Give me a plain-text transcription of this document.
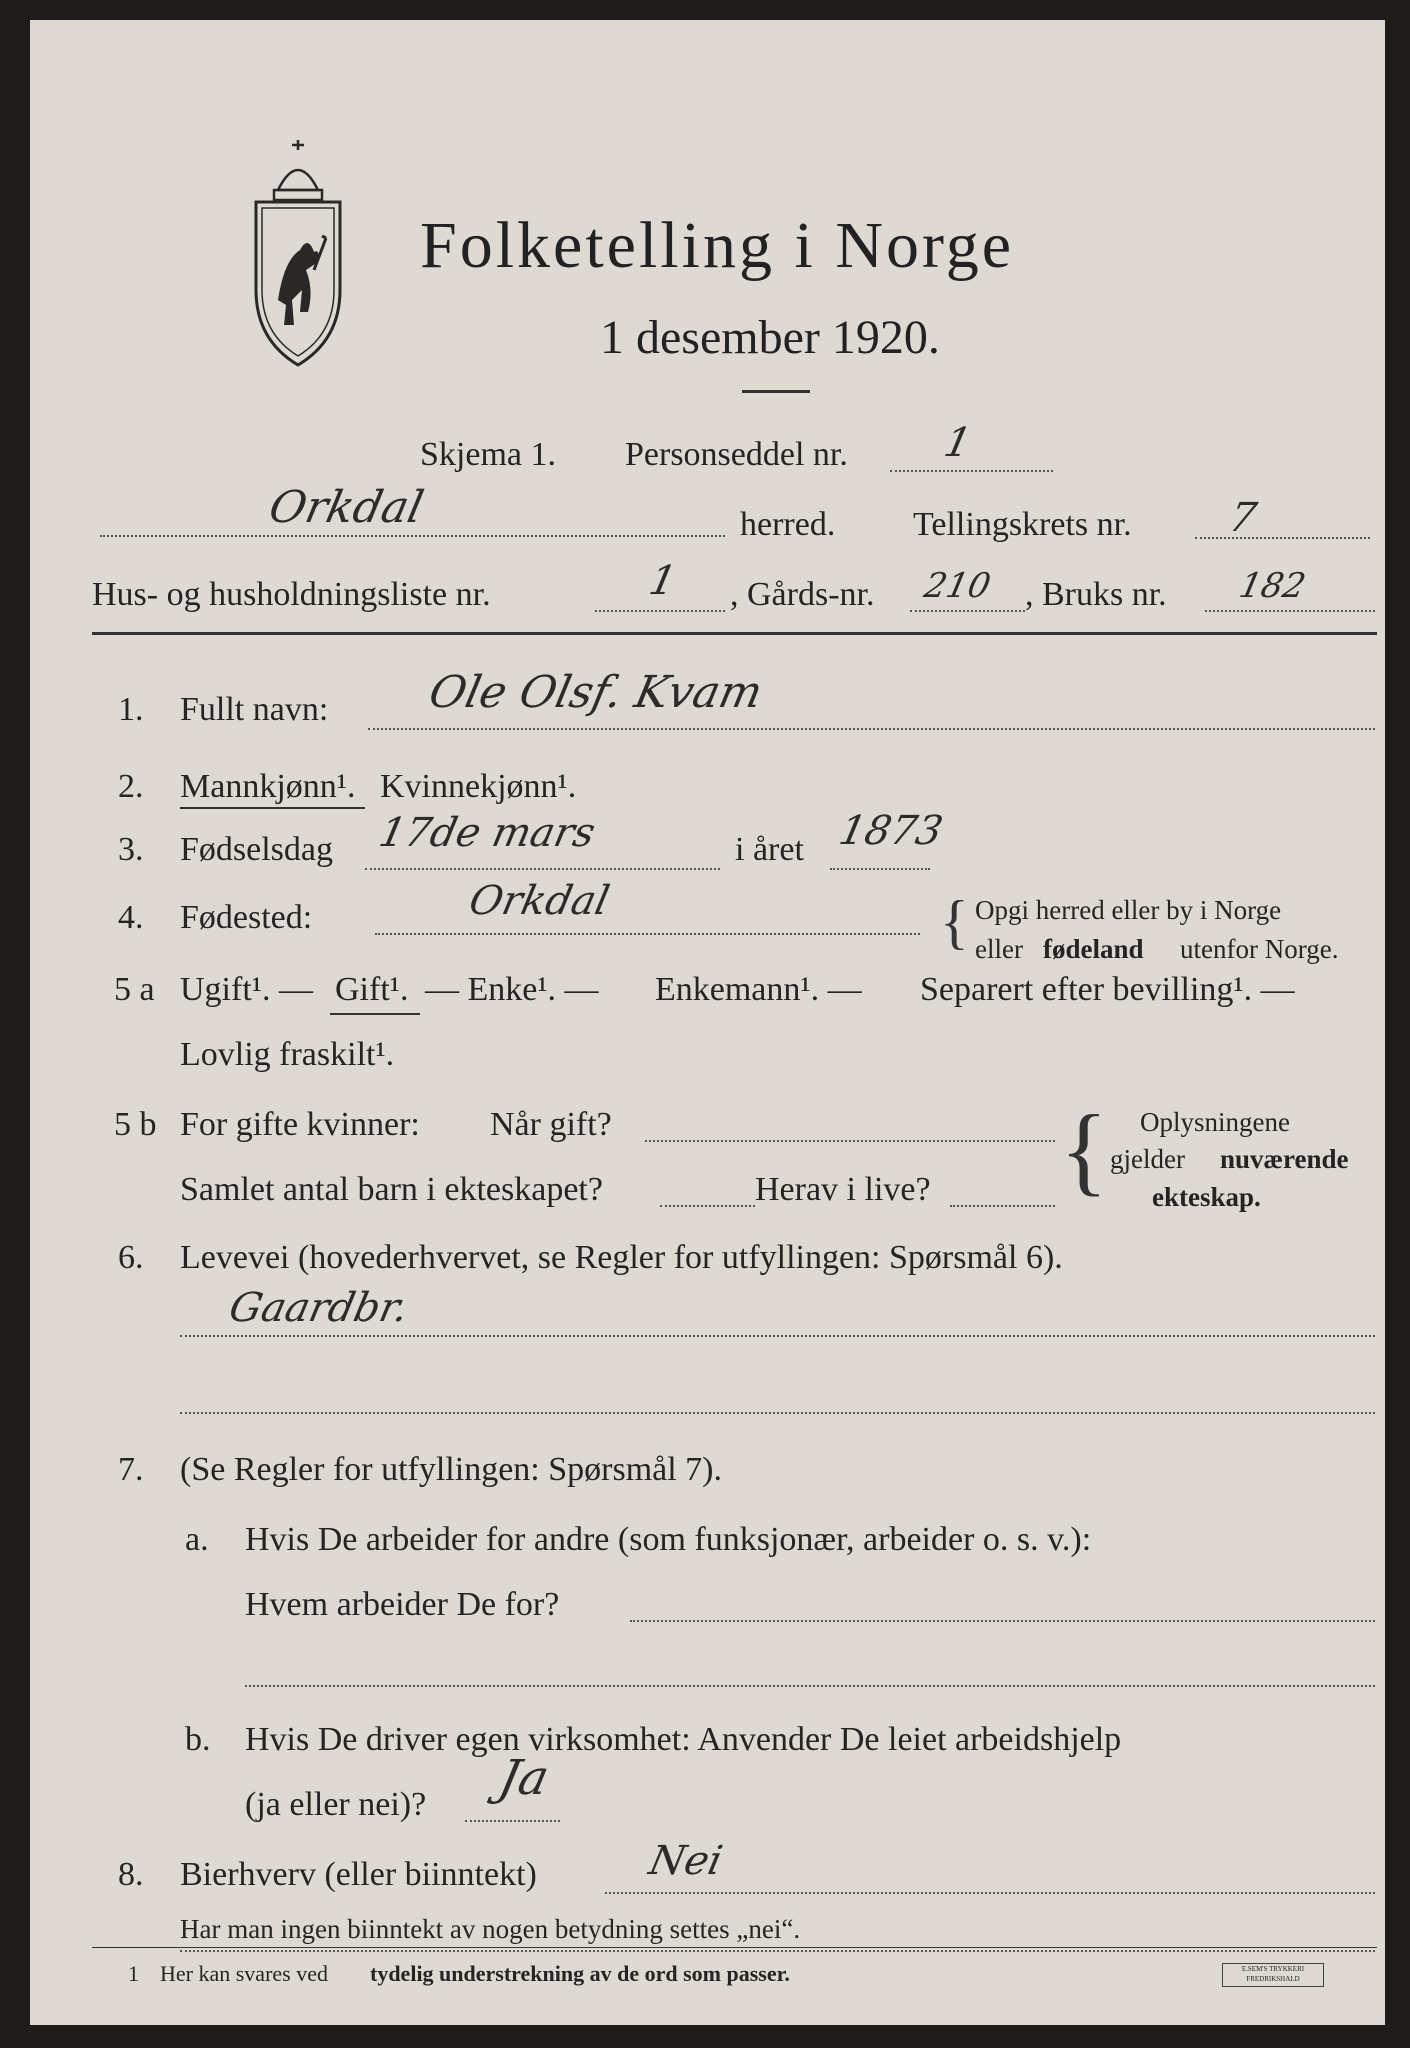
Folketelling i Norge
1 desember 1920.
Skjema 1. Personseddel nr. 1
Orkdal	herred. Tellingskrets nr. 7
Hus- og husholdningsliste nr.	1 , Gårds-nr. 210 , Bruks nr. 182
1. Fullt navn: Ole Olsf. Kvam
2. Mannkjønn¹. Kvinnekjønn¹.
3. Fødselsdag 17de mars	i året 1873
4. Fødested:	Orkdal	{ Opgi herred eller by i Norge
eller fødeland utenfor Norge.
5 a Ugift¹. — Gift¹. — Enke¹. — Enkemann¹. — Separert efter bevilling¹. —
Lovlig fraskilt¹.
5 b For gifte kvinner: Når gift?
Samlet antal barn i ekteskapet?	Herav i live? { Oplysningene
gjelder nuværende
ekteskap.
6. Levevei (hovederhvervet, se Regler for utfyllingen: Spørsmål 6).
Gaardbr.
7. (Se Regler for utfyllingen: Spørsmål 7).
a. Hvis De arbeider for andre (som funksjonær, arbeider o. s. v.):
Hvem arbeider De for?
b. Hvis De driver egen virksomhet: Anvender De leiet arbeidshjelp
(ja eller nei)? Ja
8. Bierhverv (eller biinntekt)	Nei
Har man ingen biinntekt av nogen betydning settes „nei“.
1 Her kan svares ved tydelig understrekning av de ord som passer.	E.SEM'S TRYKKERI FREDRIKSHALD
